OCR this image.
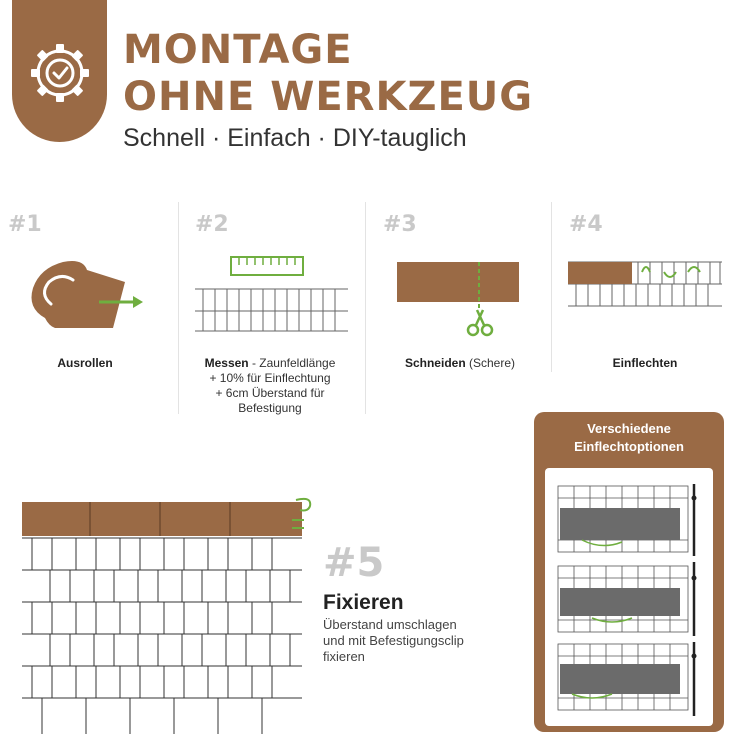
MONTAGE
OHNE WERKZEUG
Schnell · Einfach · DIY-tauglich
#1	#2	#3	#4
Ausrollen	Messen - Zaunfeldlänge
+ 10% für Einflechtung
+ 6cm Überstand für
Befestigung
Schneiden (Schere)	Einflechten
#5
Fixieren
Überstand umschlagen
und mit Befestigungsclip
fixieren
Verschiedene
Einflechtoptionen
